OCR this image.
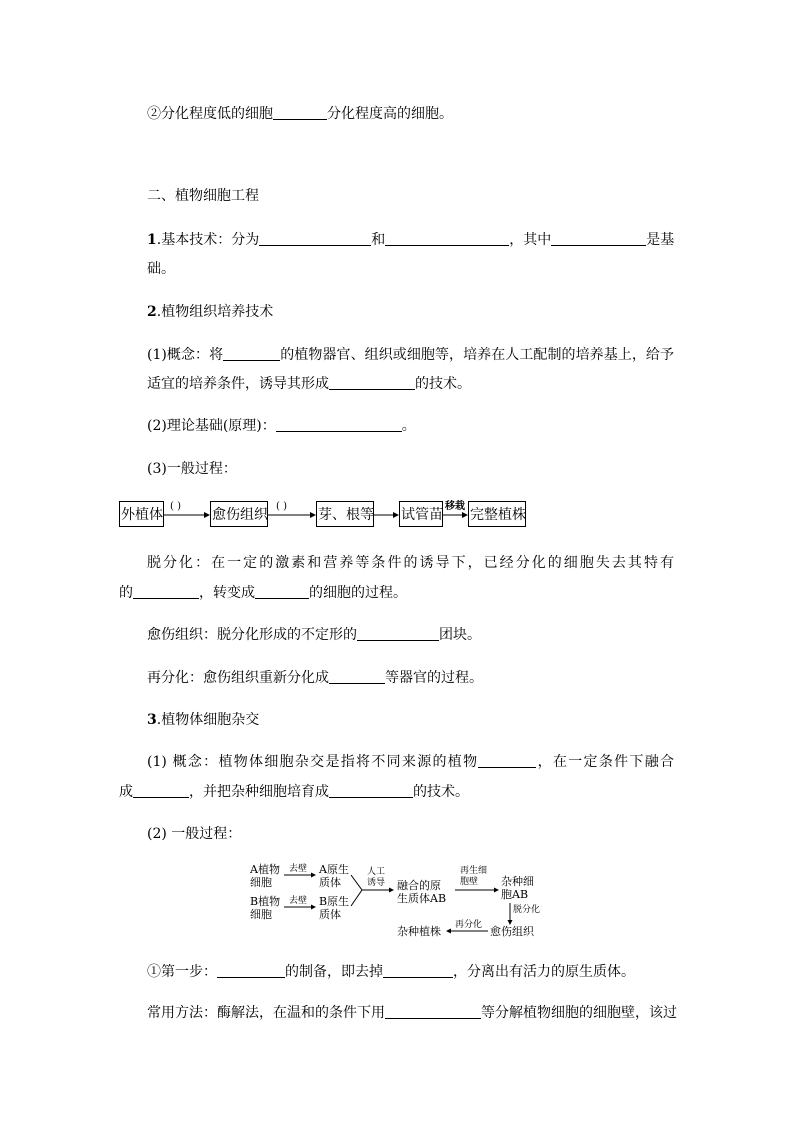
②分化程度低的细胞	分化程度高的细胞。
二、植物细胞工程
1.基本技术：分为	和	，其中	是基
础。
2.植物组织培养技术
(1)概念：将	的植物器官、组织或细胞等，培养在人工配制的培养基上，给予
适宜的培养条件，诱导其形成	的技术。
(2)理论基础(原理)：	。
(3)一般过程：
外植体	愈伤组织	芽、根等 试管苗 完整植株
( )	( )	移栽
脱分化：在一定的激素和营养等条件的诱导下，已经分化的细胞失去其特有
的	，转变成	的细胞的过程。
愈伤组织：脱分化形成的不定形的	团块。
再分化：愈伤组织重新分化成	等器官的过程。
3.植物体细胞杂交
(1) 概念：植物体细胞杂交是指将不同来源的植物	，在一定条件下融合
成	，并把杂种细胞培育成	的技术。
(2) 一般过程：
A植物
细胞
B植物
细胞
去壁
去壁
A原生
质体
B原生
质体
人工
诱导 融合的原
生质体AB
再生细
胞壁	杂种细
胞AB
脱分化
愈伤组织
再分化
杂种植株
①第一步：	的制备，即去掉	，分离出有活力的原生质体。
常用方法：酶解法，在温和的条件下用	等分解植物细胞的细胞壁，该过
